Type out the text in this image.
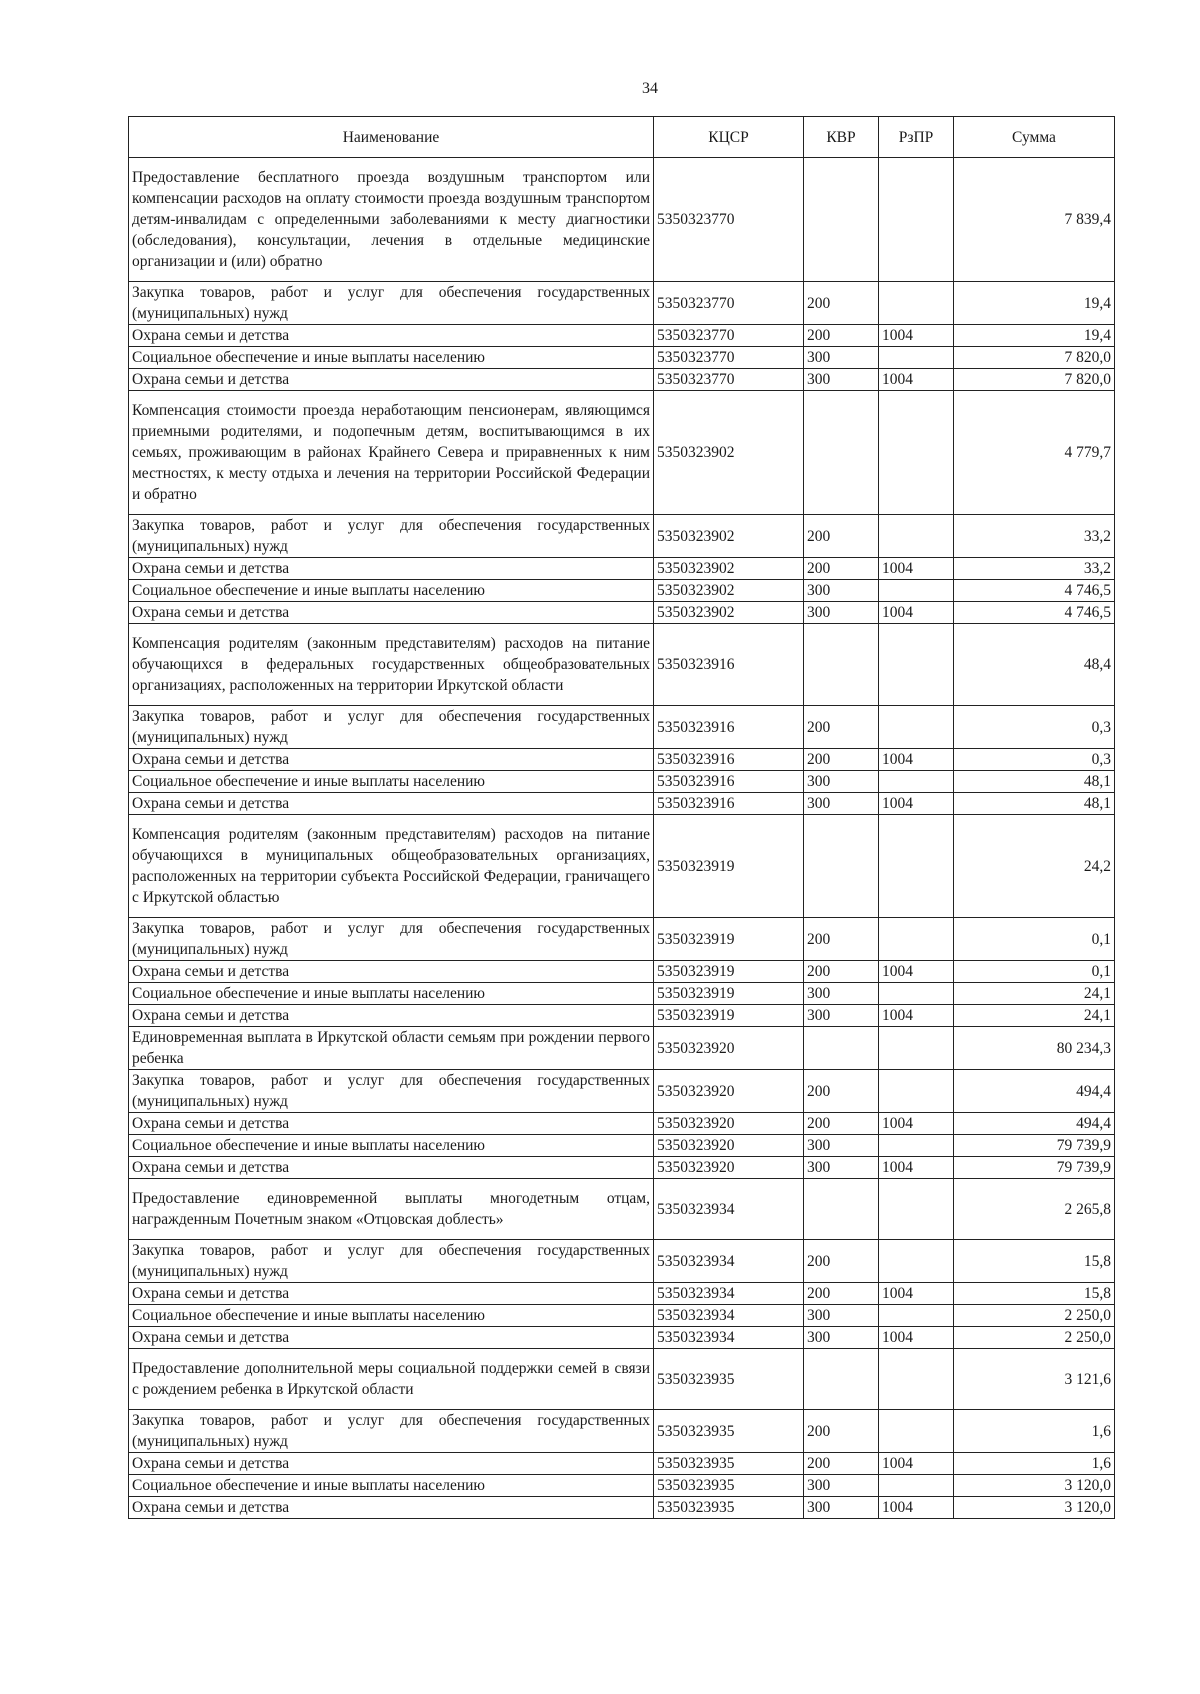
34
Наименование	КЦСР	КВР	РзПР	Сумма
Предоставление бесплатного проезда воздушным транспортом или компенсации расходов на оплату стоимости проезда воздушным транспортом детям-инвалидам с определенными заболеваниями к месту диагностики (обследования), консультации, лечения в отдельные медицинские организации и (или) обратно	5350323770			7 839,4
Закупка товаров, работ и услуг для обеспечения государственных (муниципальных) нужд	5350323770	200		19,4
Охрана семьи и детства	5350323770	200	1004	19,4
Социальное обеспечение и иные выплаты населению	5350323770	300		7 820,0
Охрана семьи и детства	5350323770	300	1004	7 820,0
Компенсация стоимости проезда неработающим пенсионерам, являющимся приемными родителями, и подопечным детям, воспитывающимся в их семьях, проживающим в районах Крайнего Севера и приравненных к ним местностях, к месту отдыха и лечения на территории Российской Федерации и обратно	5350323902			4 779,7
Закупка товаров, работ и услуг для обеспечения государственных (муниципальных) нужд	5350323902	200		33,2
Охрана семьи и детства	5350323902	200	1004	33,2
Социальное обеспечение и иные выплаты населению	5350323902	300		4 746,5
Охрана семьи и детства	5350323902	300	1004	4 746,5
Компенсация родителям (законным представителям) расходов на питание обучающихся в федеральных государственных общеобразовательных организациях, расположенных на территории Иркутской области	5350323916			48,4
Закупка товаров, работ и услуг для обеспечения государственных (муниципальных) нужд	5350323916	200		0,3
Охрана семьи и детства	5350323916	200	1004	0,3
Социальное обеспечение и иные выплаты населению	5350323916	300		48,1
Охрана семьи и детства	5350323916	300	1004	48,1
Компенсация родителям (законным представителям) расходов на питание обучающихся в муниципальных общеобразовательных организациях, расположенных на территории субъекта Российской Федерации, граничащего с Иркутской областью	5350323919			24,2
Закупка товаров, работ и услуг для обеспечения государственных (муниципальных) нужд	5350323919	200		0,1
Охрана семьи и детства	5350323919	200	1004	0,1
Социальное обеспечение и иные выплаты населению	5350323919	300		24,1
Охрана семьи и детства	5350323919	300	1004	24,1
Единовременная выплата в Иркутской области семьям при рождении первого ребенка	5350323920			80 234,3
Закупка товаров, работ и услуг для обеспечения государственных (муниципальных) нужд	5350323920	200		494,4
Охрана семьи и детства	5350323920	200	1004	494,4
Социальное обеспечение и иные выплаты населению	5350323920	300		79 739,9
Охрана семьи и детства	5350323920	300	1004	79 739,9
Предоставление единовременной выплаты многодетным отцам, награжденным Почетным знаком «Отцовская доблесть»	5350323934			2 265,8
Закупка товаров, работ и услуг для обеспечения государственных (муниципальных) нужд	5350323934	200		15,8
Охрана семьи и детства	5350323934	200	1004	15,8
Социальное обеспечение и иные выплаты населению	5350323934	300		2 250,0
Охрана семьи и детства	5350323934	300	1004	2 250,0
Предоставление дополнительной меры социальной поддержки семей в связи с рождением ребенка в Иркутской области	5350323935			3 121,6
Закупка товаров, работ и услуг для обеспечения государственных (муниципальных) нужд	5350323935	200		1,6
Охрана семьи и детства	5350323935	200	1004	1,6
Социальное обеспечение и иные выплаты населению	5350323935	300		3 120,0
Охрана семьи и детства	5350323935	300	1004	3 120,0
